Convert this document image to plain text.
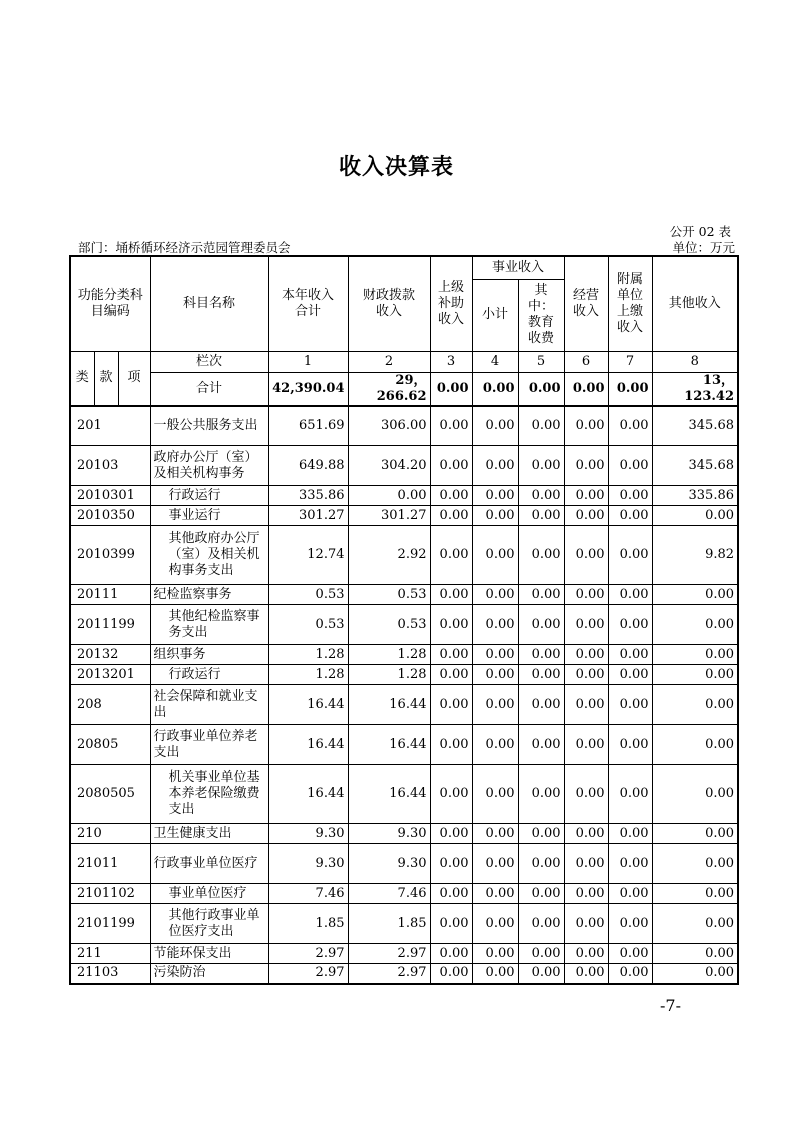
收入决算表
公开 02 表
部门：埇桥循环经济示范园管理委员会	单位：万元
功能分类科目编码			科目名称	本年收入合计	财政拨款收入	上级补助收入	事业收入		经营收入	附属单位上缴收入	其他收入
							小计	其中：教育收费			

类	款	项	栏次	1	2	3	4	5	6	7	8
			合计	42,390.04	29，266.62	0.00	0.00	0.00	0.00	0.00	13，123.42
201			一般公共服务支出	651.69	306.00	0.00	0.00	0.00	0.00	0.00	345.68
20103			政府办公厅（室）及相关机构事务	649.88	304.20	0.00	0.00	0.00	0.00	0.00	345.68
2010301			行政运行	335.86	0.00	0.00	0.00	0.00	0.00	0.00	335.86
2010350			事业运行	301.27	301.27	0.00	0.00	0.00	0.00	0.00	0.00
2010399			其他政府办公厅（室）及相关机构事务支出	12.74	2.92	0.00	0.00	0.00	0.00	0.00	9.82
20111			纪检监察事务	0.53	0.53	0.00	0.00	0.00	0.00	0.00	0.00
2011199			其他纪检监察事务支出	0.53	0.53	0.00	0.00	0.00	0.00	0.00	0.00
20132			组织事务	1.28	1.28	0.00	0.00	0.00	0.00	0.00	0.00
2013201			行政运行	1.28	1.28	0.00	0.00	0.00	0.00	0.00	0.00
208			社会保障和就业支出	16.44	16.44	0.00	0.00	0.00	0.00	0.00	0.00
20805			行政事业单位养老支出	16.44	16.44	0.00	0.00	0.00	0.00	0.00	0.00
2080505			机关事业单位基本养老保险缴费支出	16.44	16.44	0.00	0.00	0.00	0.00	0.00	0.00
210			卫生健康支出	9.30	9.30	0.00	0.00	0.00	0.00	0.00	0.00
21011			行政事业单位医疗	9.30	9.30	0.00	0.00	0.00	0.00	0.00	0.00
2101102			事业单位医疗	7.46	7.46	0.00	0.00	0.00	0.00	0.00	0.00
2101199			其他行政事业单位医疗支出	1.85	1.85	0.00	0.00	0.00	0.00	0.00	0.00
211			节能环保支出	2.97	2.97	0.00	0.00	0.00	0.00	0.00	0.00
21103			污染防治	2.97	2.97	0.00	0.00	0.00	0.00	0.00	0.00
-7-
